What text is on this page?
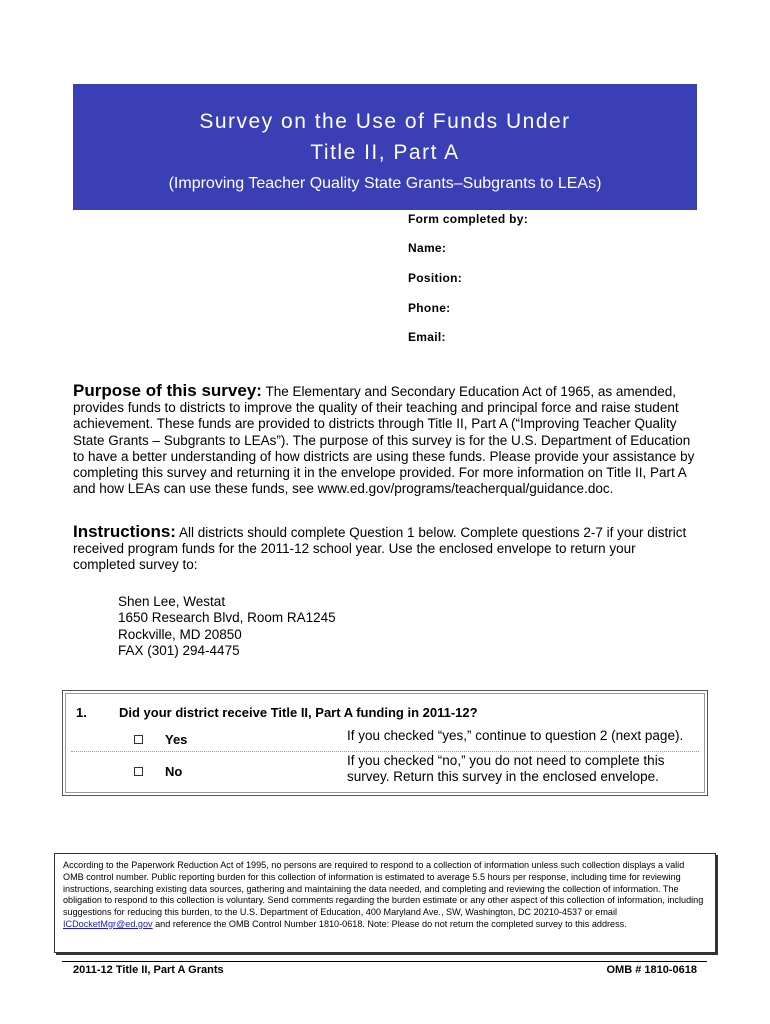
Survey on the Use of Funds Under
Title II, Part A
(Improving Teacher Quality State Grants–Subgrants to LEAs)
Form completed by:
Name:
Position:
Phone:
Email:
Purpose of this survey: The Elementary and Secondary Education Act of 1965, as amended, provides funds to districts to improve the quality of their teaching and principal force and raise student achievement. These funds are provided to districts through Title II, Part A (“Improving Teacher Quality State Grants – Subgrants to LEAs”). The purpose of this survey is for the U.S. Department of Education to have a better understanding of how districts are using these funds. Please provide your assistance by completing this survey and returning it in the envelope provided. For more information on Title II, Part A and how LEAs can use these funds, see www.ed.gov/programs/teacherqual/guidance.doc.
Instructions: All districts should complete Question 1 below. Complete questions 2-7 if your district received program funds for the 2011-12 school year. Use the enclosed envelope to return your completed survey to:
Shen Lee, Westat
1650 Research Blvd, Room RA1245
Rockville, MD 20850
FAX (301) 294-4475
1. Did your district receive Title II, Part A funding in 2011-12?
Yes	If you checked “yes,” continue to question 2 (next page).
No
If you checked “no,” you do not need to complete this survey. Return this survey in the enclosed envelope.
According to the Paperwork Reduction Act of 1995, no persons are required to respond to a collection of information unless such collection displays a valid OMB control number. Public reporting burden for this collection of information is estimated to average 5.5 hours per response, including time for reviewing instructions, searching existing data sources, gathering and maintaining the data needed, and completing and reviewing the collection of information. The obligation to respond to this collection is voluntary. Send comments regarding the burden estimate or any other aspect of this collection of information, including suggestions for reducing this burden, to the U.S. Department of Education, 400 Maryland Ave., SW, Washington, DC 20210-4537 or email ICDocketMgr@ed.gov and reference the OMB Control Number 1810-0618. Note: Please do not return the completed survey to this address.
2011-12 Title II, Part A Grants	OMB # 1810-0618
